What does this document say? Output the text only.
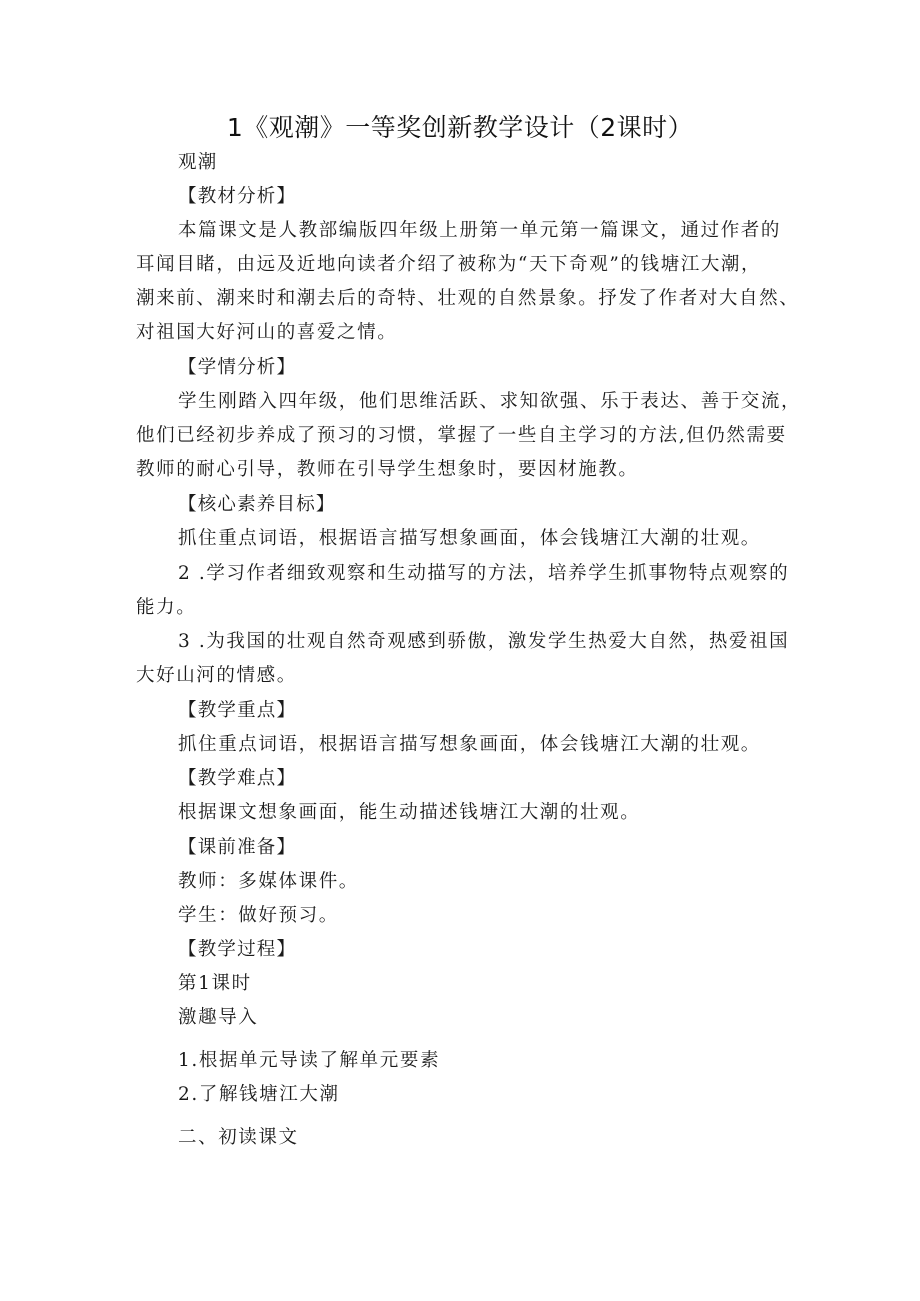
1《观潮》一等奖创新教学设计（2课时）
观潮
【教材分析】
本篇课文是人教部编版四年级上册第一单元第一篇课文，通过作者的
耳闻目睹，由远及近地向读者介绍了被称为“天下奇观”的钱塘江大潮，
潮来前、潮来时和潮去后的奇特、壮观的自然景象。抒发了作者对大自然、
对祖国大好河山的喜爱之情。
【学情分析】
学生刚踏入四年级，他们思维活跃、求知欲强、乐于表达、善于交流，
他们已经初步养成了预习的习惯，掌握了一些自主学习的方法,但仍然需要
教师的耐心引导，教师在引导学生想象时，要因材施教。
【核心素养目标】
抓住重点词语，根据语言描写想象画面，体会钱塘江大潮的壮观。
2 .学习作者细致观察和生动描写的方法，培养学生抓事物特点观察的
能力。
3 .为我国的壮观自然奇观感到骄傲，激发学生热爱大自然，热爱祖国
大好山河的情感。
【教学重点】
抓住重点词语，根据语言描写想象画面，体会钱塘江大潮的壮观。
【教学难点】
根据课文想象画面，能生动描述钱塘江大潮的壮观。
【课前准备】
教师：多媒体课件。
学生：做好预习。
【教学过程】
第1课时
激趣导入
1.根据单元导读了解单元要素
2.了解钱塘江大潮
二、初读课文
